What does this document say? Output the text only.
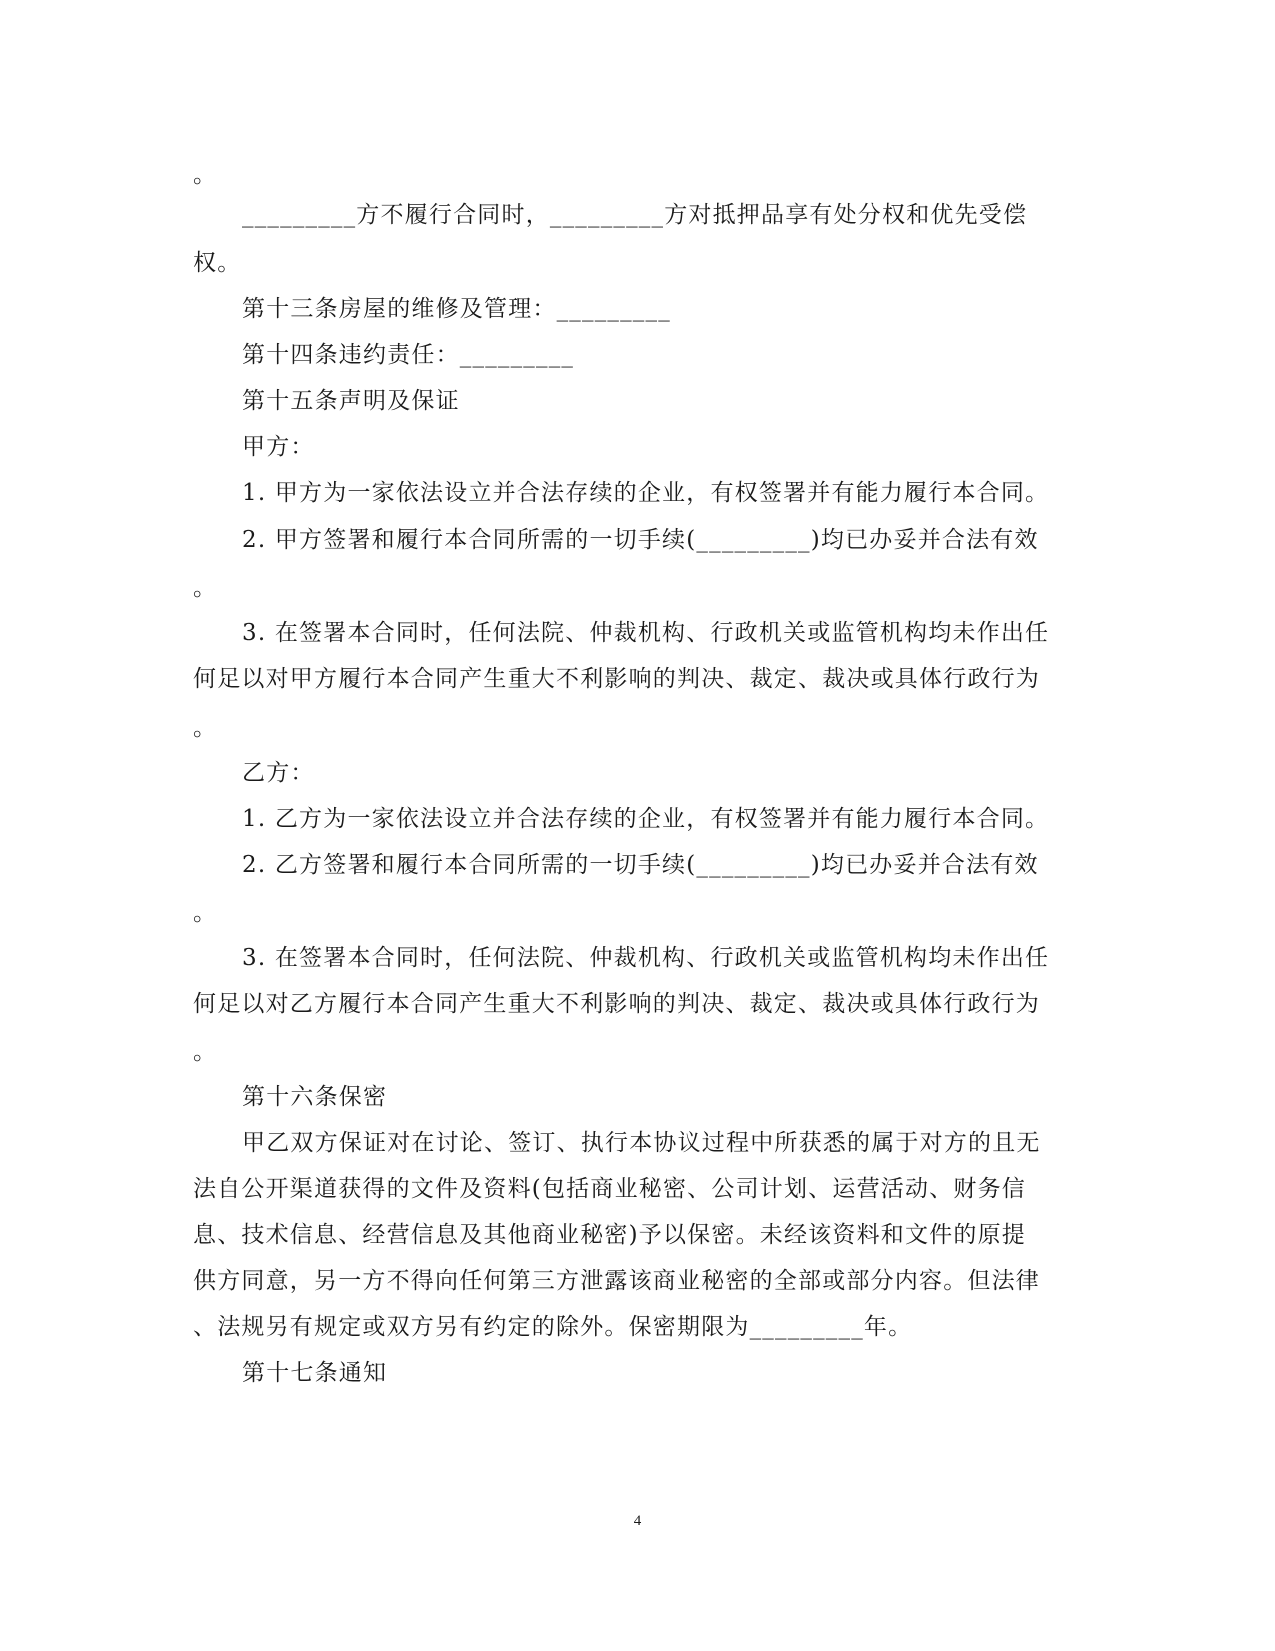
。
_________方不履行合同时，_________方对抵押品享有处分权和优先受偿
权。
第十三条房屋的维修及管理：_________
第十四条违约责任：_________
第十五条声明及保证
甲方：
1. 甲方为一家依法设立并合法存续的企业，有权签署并有能力履行本合同。
2. 甲方签署和履行本合同所需的一切手续(_________)均已办妥并合法有效
。
3. 在签署本合同时，任何法院、仲裁机构、行政机关或监管机构均未作出任
何足以对甲方履行本合同产生重大不利影响的判决、裁定、裁决或具体行政行为
。
乙方：
1. 乙方为一家依法设立并合法存续的企业，有权签署并有能力履行本合同。
2. 乙方签署和履行本合同所需的一切手续(_________)均已办妥并合法有效
。
3. 在签署本合同时，任何法院、仲裁机构、行政机关或监管机构均未作出任
何足以对乙方履行本合同产生重大不利影响的判决、裁定、裁决或具体行政行为
。
第十六条保密
甲乙双方保证对在讨论、签订、执行本协议过程中所获悉的属于对方的且无
法自公开渠道获得的文件及资料(包括商业秘密、公司计划、运营活动、财务信
息、技术信息、经营信息及其他商业秘密)予以保密。未经该资料和文件的原提
供方同意，另一方不得向任何第三方泄露该商业秘密的全部或部分内容。但法律
、法规另有规定或双方另有约定的除外。保密期限为_________年。
第十七条通知
4
